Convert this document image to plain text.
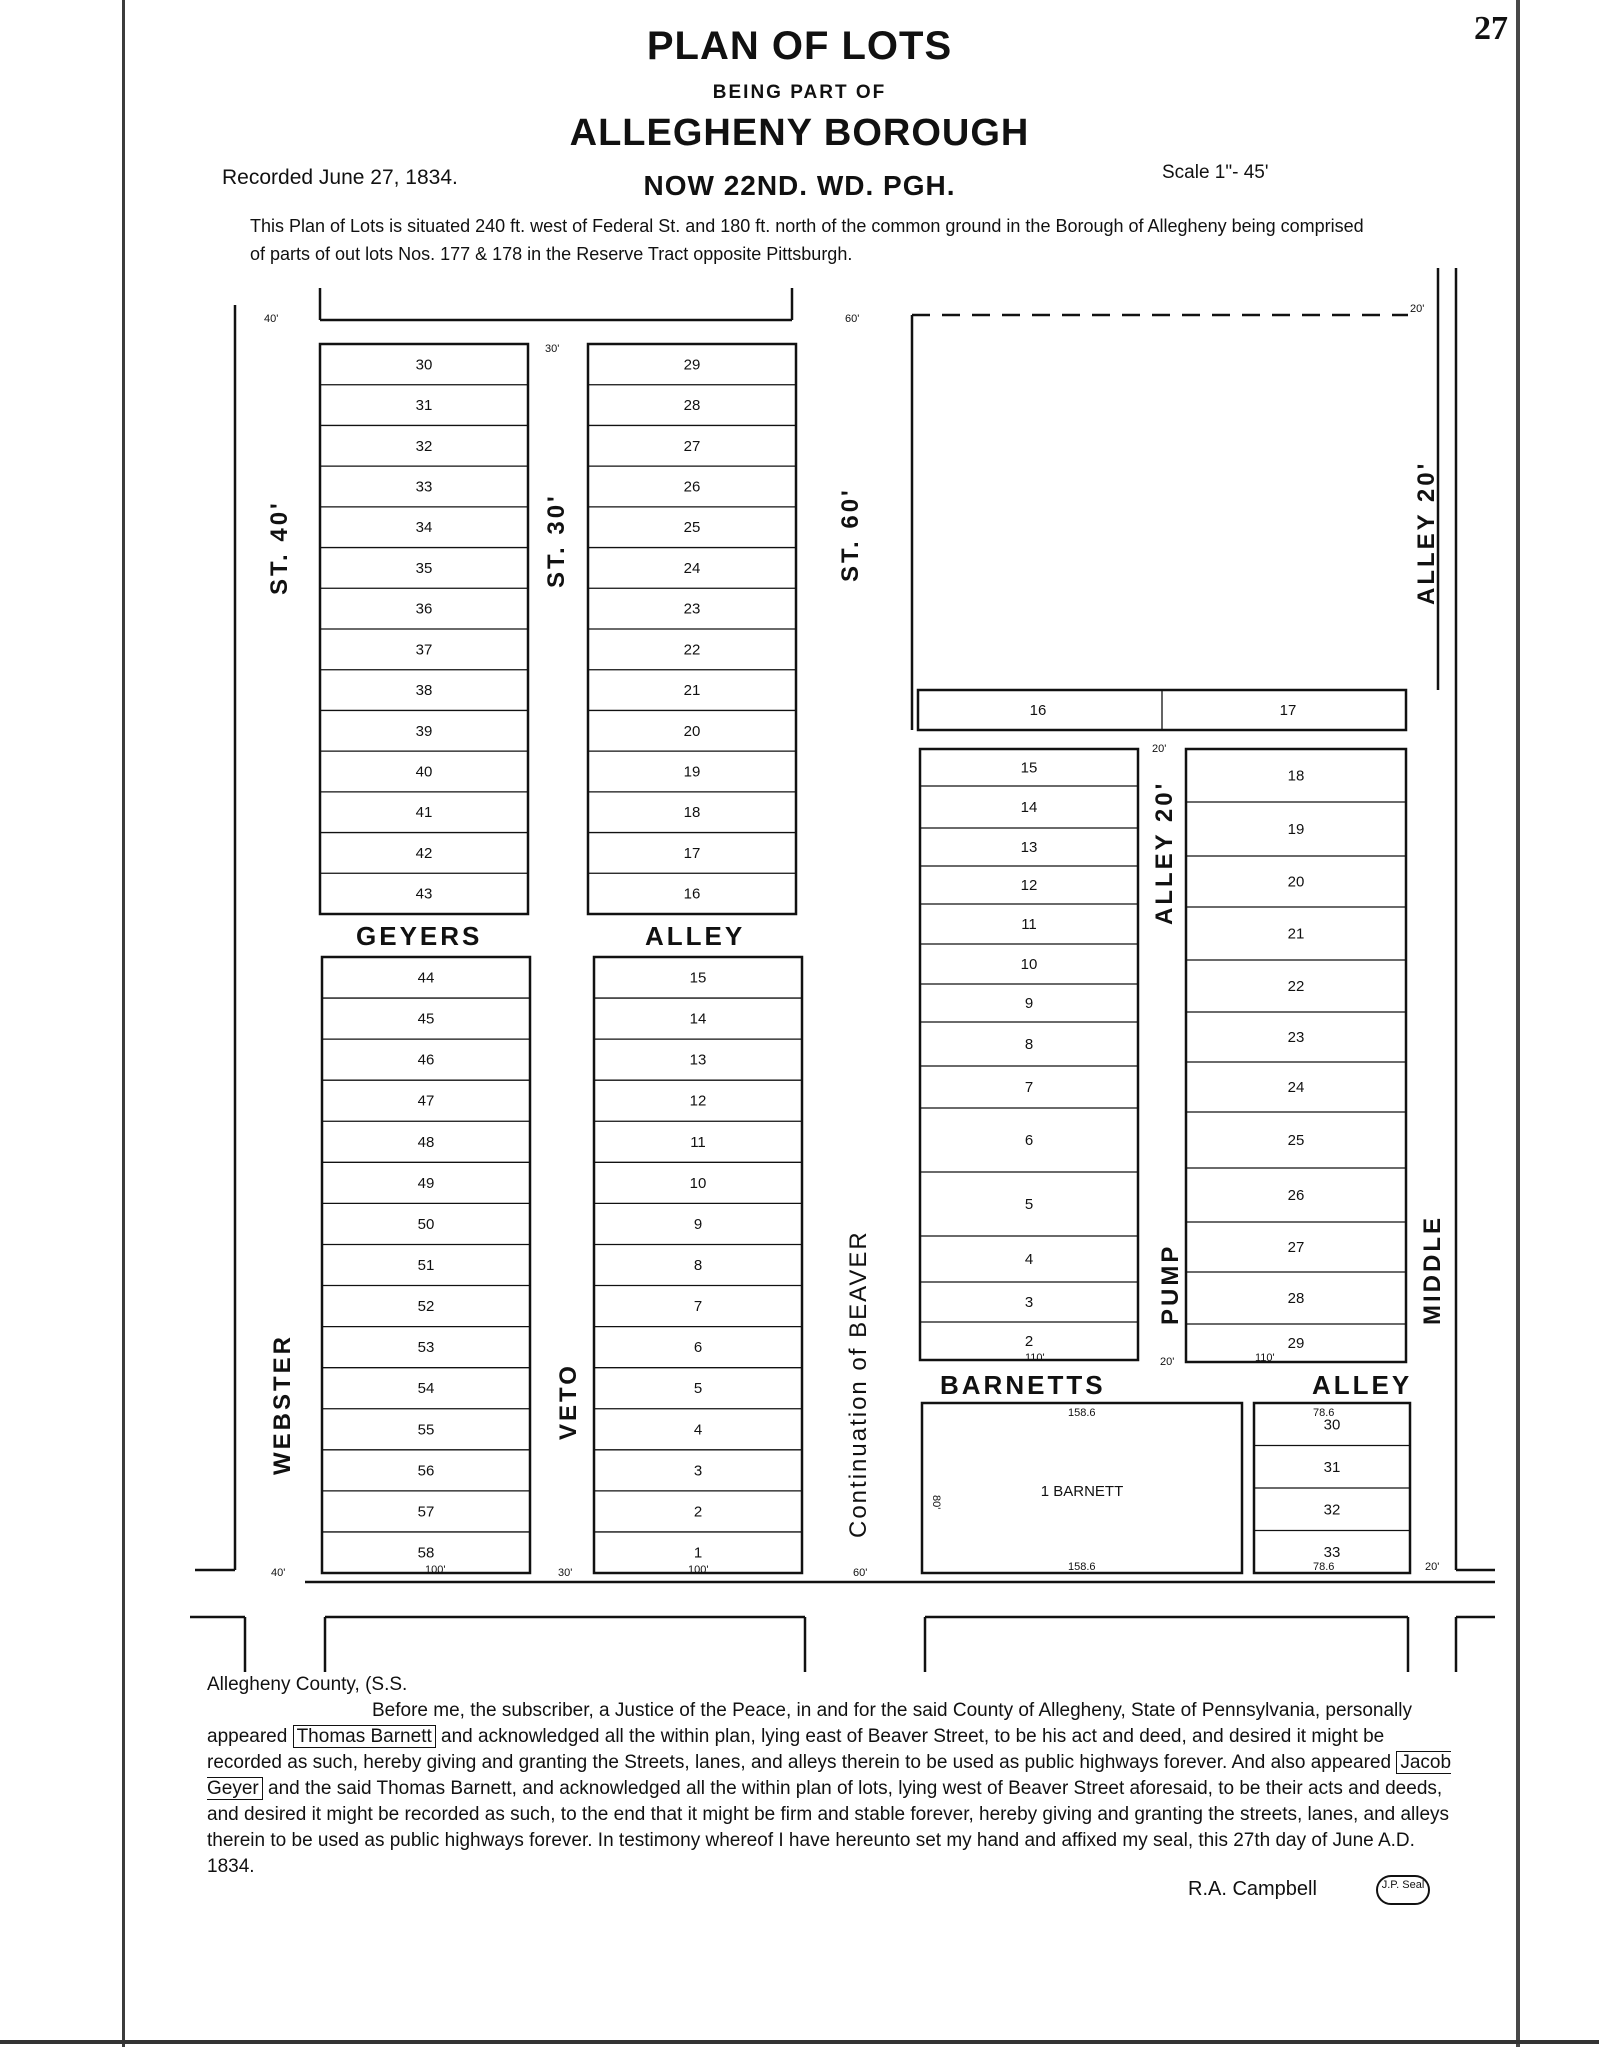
27
PLAN OF LOTS
BEING PART OF
ALLEGHENY BOROUGH
NOW 22ND. WD. PGH.
Recorded June 27, 1834.	Scale 1"- 45'
This Plan of Lots is situated 240 ft. west of Federal St. and 180 ft. north of the common ground in the Borough of Allegheny being comprised of parts of out lots Nos. 177 & 178 in the Reserve Tract opposite Pittsburgh.
30
31
32
33
34
35
36
37
38
39
40
41
42
43
29
28
27
26
25
24
23
22
21
20
19
18
17
16
44
45
46
47
48
49
50
51
52
53
54
55
56
57
58
15
14
13
12
11
10
9
8
7
6
5
4
3
2
1
16	17
15
14
13
12
11
10
9
8
7
6
5
4
3
2
18
19
20
21
22
23
24
25
26
27
28
29
1 BARNETT
30
31
32
33
40'
30'
60'
20'
40'	30'	60'	20'
20'
20'
100'	100'
110'	110'
158.6
158.6
78.6
78.6
80'
ST. 40'	ST. 30'	ST. 60'	ALLEY 20'
ALLEY 20'
GEYERS	ALLEY
BARNETTS	ALLEY
WEBSTER	VETO	Continuation of BEAVER	PUMP	MIDDLE
Allegheny County, (S.S.
Before me, the subscriber, a Justice of the Peace, in and for the said County of Allegheny, State of Pennsylvania, personally appeared Thomas Barnett and acknowledged all the within plan, lying east of Beaver Street, to be his act and deed, and desired it might be recorded as such, hereby giving and granting the Streets, lanes, and alleys therein to be used as public highways forever. And also appeared Jacob Geyer and the said Thomas Barnett, and acknowledged all the within plan of lots, lying west of Beaver Street aforesaid, to be their acts and deeds, and desired it might be recorded as such, to the end that it might be firm and stable forever, hereby giving and granting the streets, lanes, and alleys therein to be used as public highways forever. In testimony whereof I have hereunto set my hand and affixed my seal, this 27th day of June A.D. 1834.
R.A. Campbell	J.P. Seal
